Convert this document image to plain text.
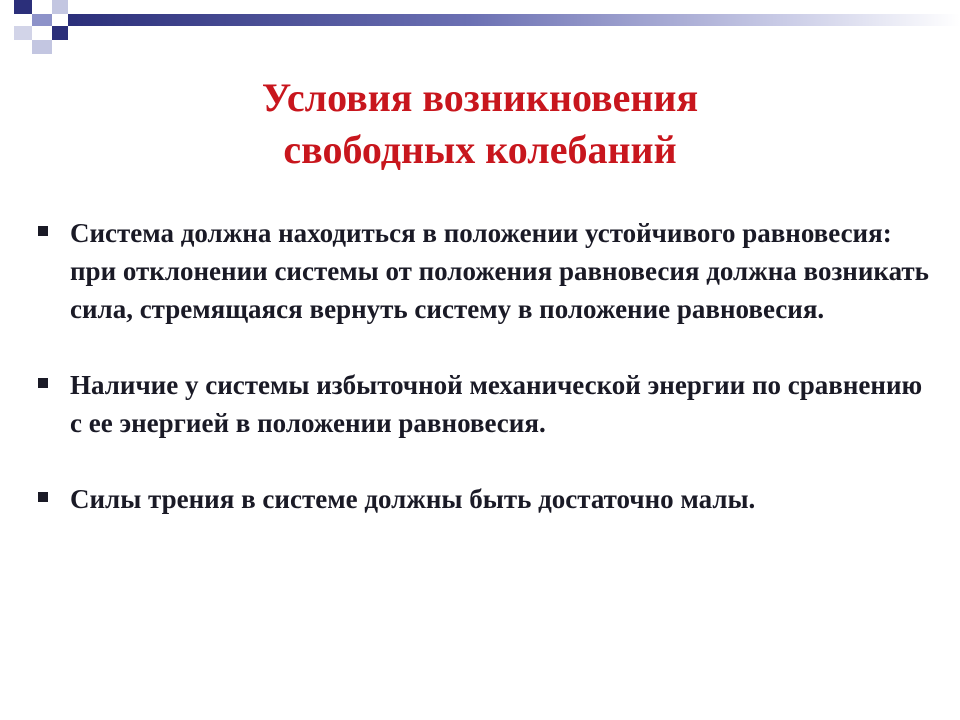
Условия возникновения
свободных колебаний
Система должна находиться в положении устойчивого равновесия: при отклонении системы от положения равновесия должна возникать сила, стремящаяся вернуть систему в положение равновесия.
Наличие у системы избыточной механической энергии по сравнению с ее энергией в положении равновесия.
Силы трения в системе должны быть достаточно малы.
